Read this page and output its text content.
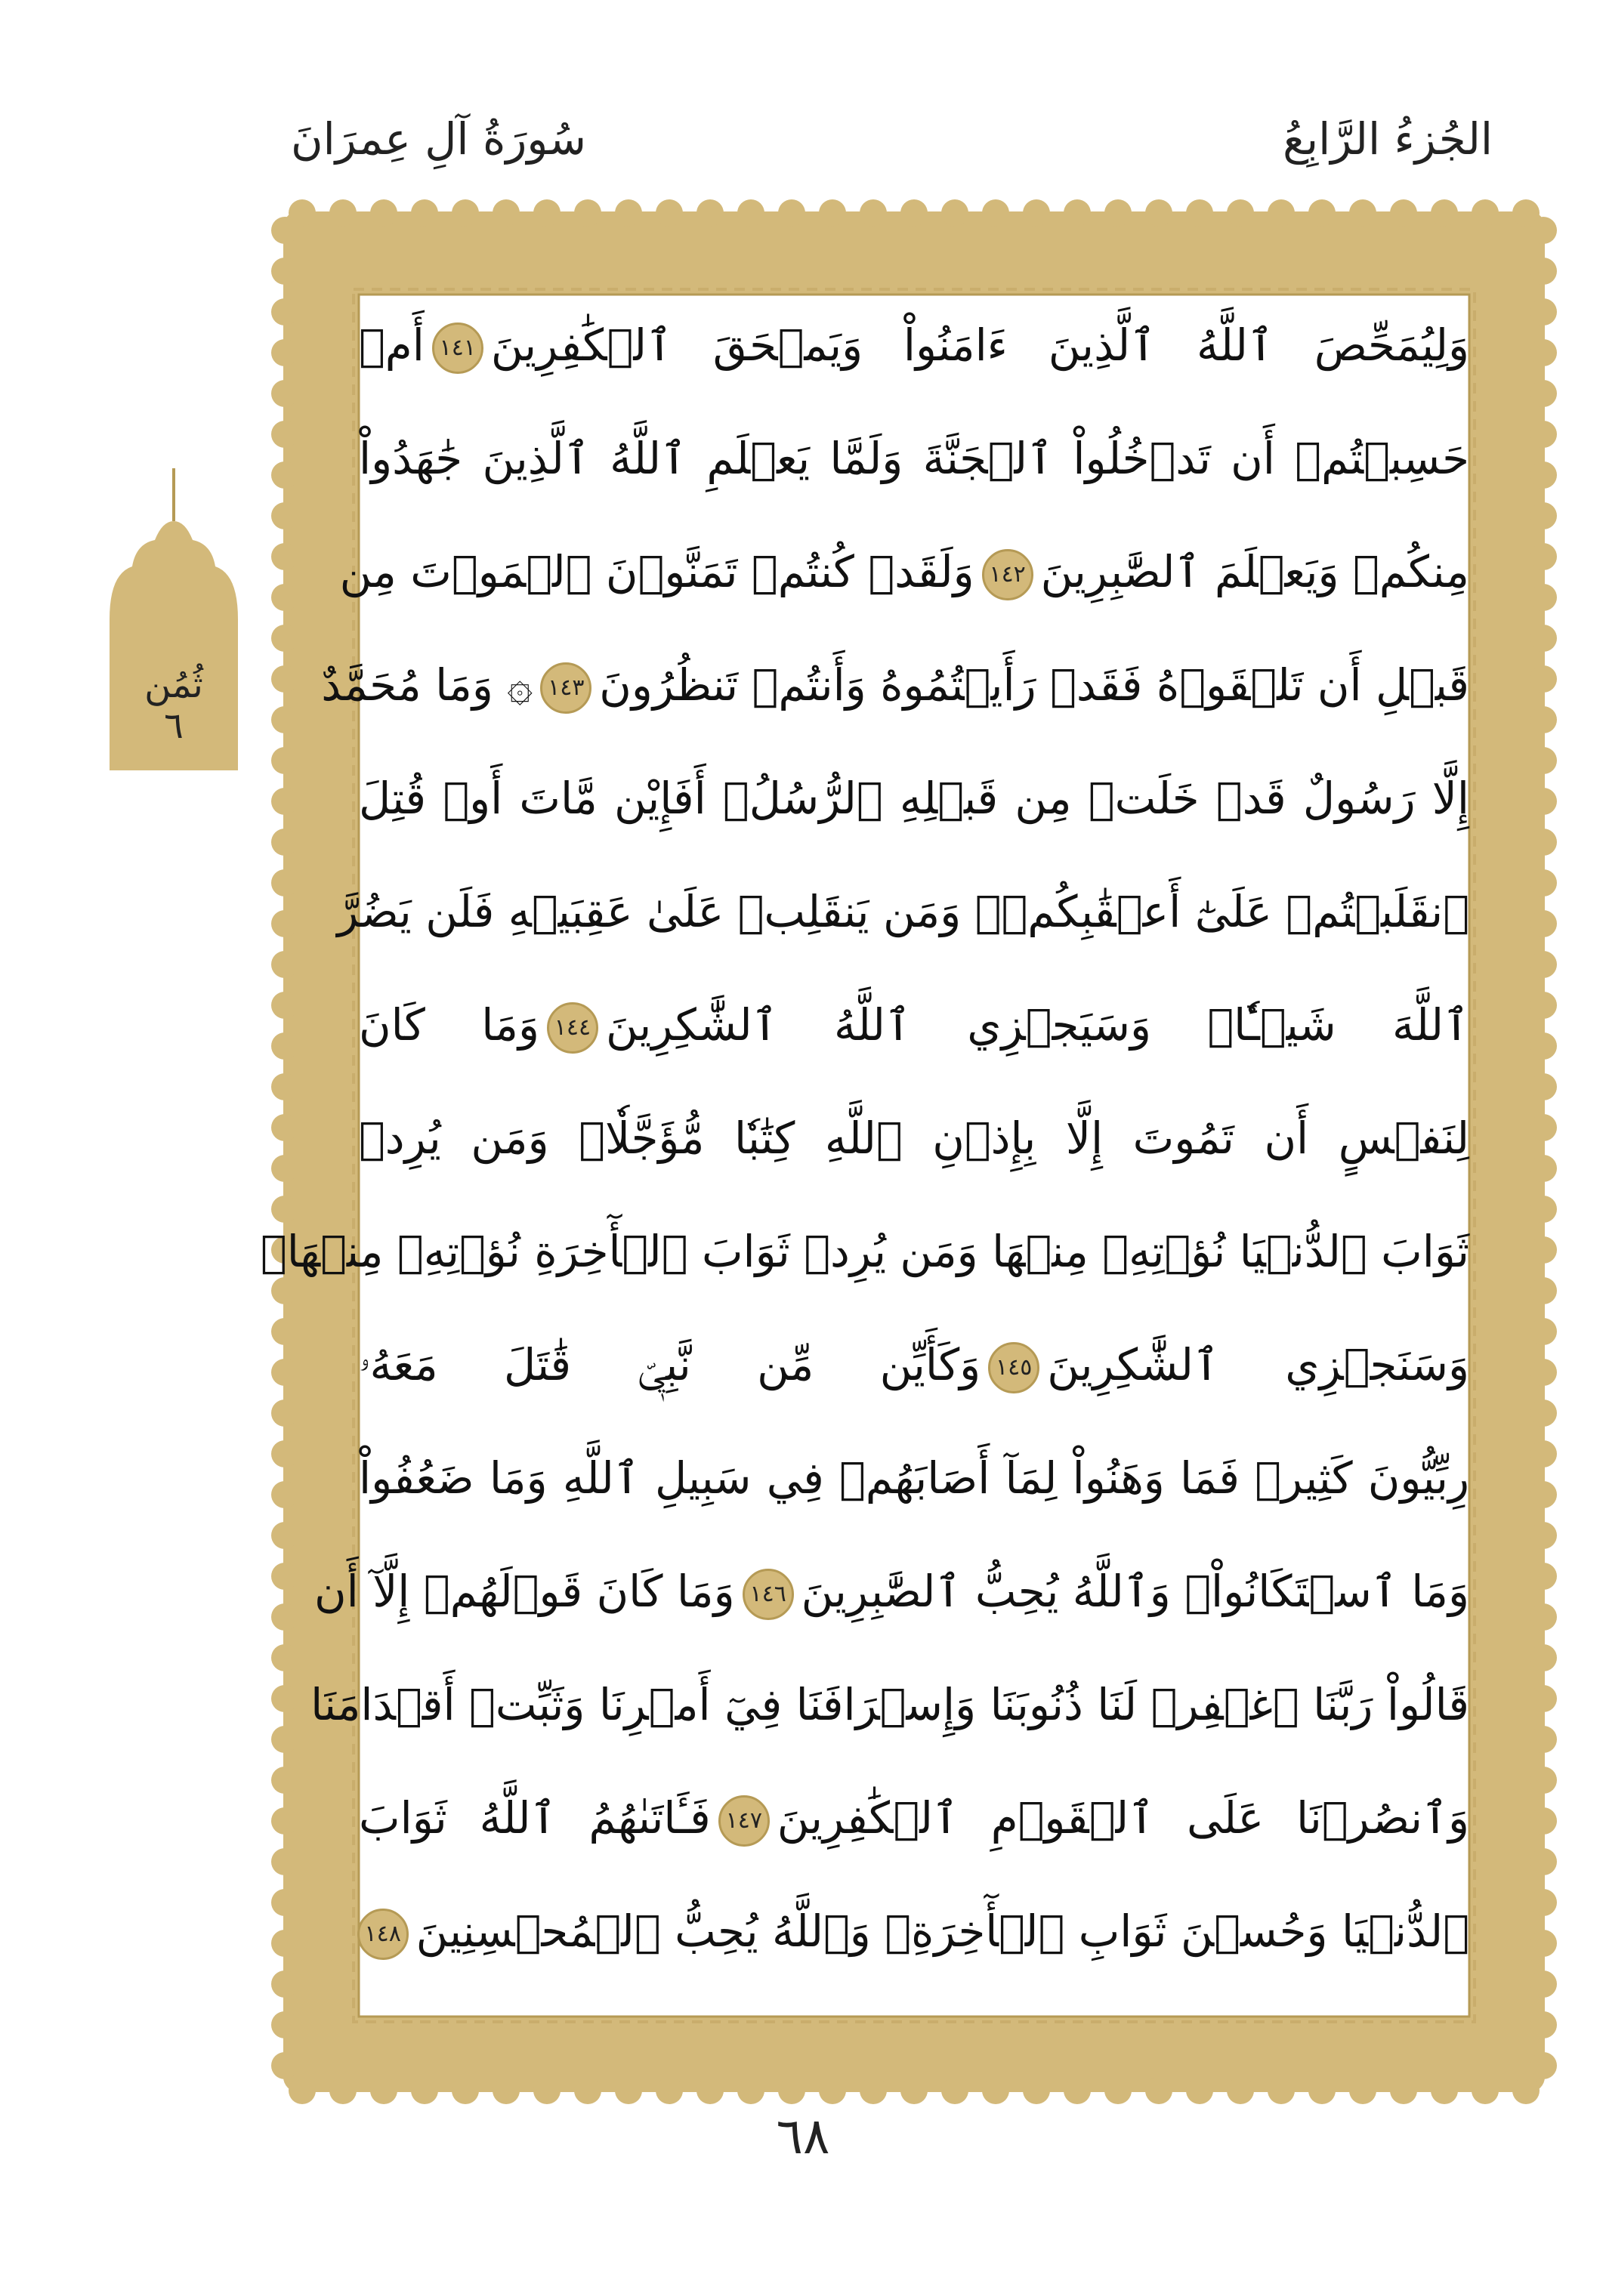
الجُزءُ الرَّابِعُ
سُورَةُ آلِ عِمرَانَ
ثُمُن
٦
وَلِيُمَحِّصَ ٱللَّهُ ٱلَّذِينَ ءَامَنُواْ وَيَمۡحَقَ ٱلۡكَٰفِرِينَ١٤١أَمۡ
حَسِبۡتُمۡ أَن تَدۡخُلُواْ ٱلۡجَنَّةَ وَلَمَّا يَعۡلَمِ ٱللَّهُ ٱلَّذِينَ جَٰهَدُواْ
مِنكُمۡ وَيَعۡلَمَ ٱلصَّٰبِرِينَ١٤٢وَلَقَدۡ كُنتُمۡ تَمَنَّوۡنَ ٱلۡمَوۡتَ مِن
قَبۡلِ أَن تَلۡقَوۡهُ فَقَدۡ رَأَيۡتُمُوهُ وَأَنتُمۡ تَنظُرُونَ١٤٣۞ وَمَا مُحَمَّدٌ
إِلَّا رَسُولٌ قَدۡ خَلَتۡ مِن قَبۡلِهِ ٱلرُّسُلُۚ أَفَإِيْن مَّاتَ أَوۡ قُتِلَ
ٱنقَلَبۡتُمۡ عَلَىٰٓ أَعۡقَٰبِكُمۡۚ وَمَن يَنقَلِبۡ عَلَىٰ عَقِبَيۡهِ فَلَن يَضُرَّ
ٱللَّهَ شَيۡـٔٗاۗ وَسَيَجۡزِي ٱللَّهُ ٱلشَّٰكِرِينَ١٤٤وَمَا كَانَ
لِنَفۡسٍ أَن تَمُوتَ إِلَّا بِإِذۡنِ ٱللَّهِ كِتَٰبٗا مُّؤَجَّلٗاۗ وَمَن يُرِدۡ
ثَوَابَ ٱلدُّنۡيَا نُؤۡتِهِۦ مِنۡهَا وَمَن يُرِدۡ ثَوَابَ ٱلۡأٓخِرَةِ نُؤۡتِهِۦ مِنۡهَاۚ
وَسَنَجۡزِي ٱلشَّٰكِرِينَ١٤٥وَكَأَيِّن مِّن نَّبِيّٖ قَٰتَلَ مَعَهُۥ
رِبِّيُّونَ كَثِيرٞ فَمَا وَهَنُواْ لِمَآ أَصَابَهُمۡ فِي سَبِيلِ ٱللَّهِ وَمَا ضَعُفُواْ
وَمَا ٱسۡتَكَانُواْۗ وَٱللَّهُ يُحِبُّ ٱلصَّٰبِرِينَ١٤٦وَمَا كَانَ قَوۡلَهُمۡ إِلَّآ أَن
قَالُواْ رَبَّنَا ٱغۡفِرۡ لَنَا ذُنُوبَنَا وَإِسۡرَافَنَا فِيٓ أَمۡرِنَا وَثَبِّتۡ أَقۡدَامَنَا
وَٱنصُرۡنَا عَلَى ٱلۡقَوۡمِ ٱلۡكَٰفِرِينَ١٤٧فَـَٔاتَىٰهُمُ ٱللَّهُ ثَوَابَ
ٱلدُّنۡيَا وَحُسۡنَ ثَوَابِ ٱلۡأٓخِرَةِۗ وَٱللَّهُ يُحِبُّ ٱلۡمُحۡسِنِينَ١٤٨
٦٨
